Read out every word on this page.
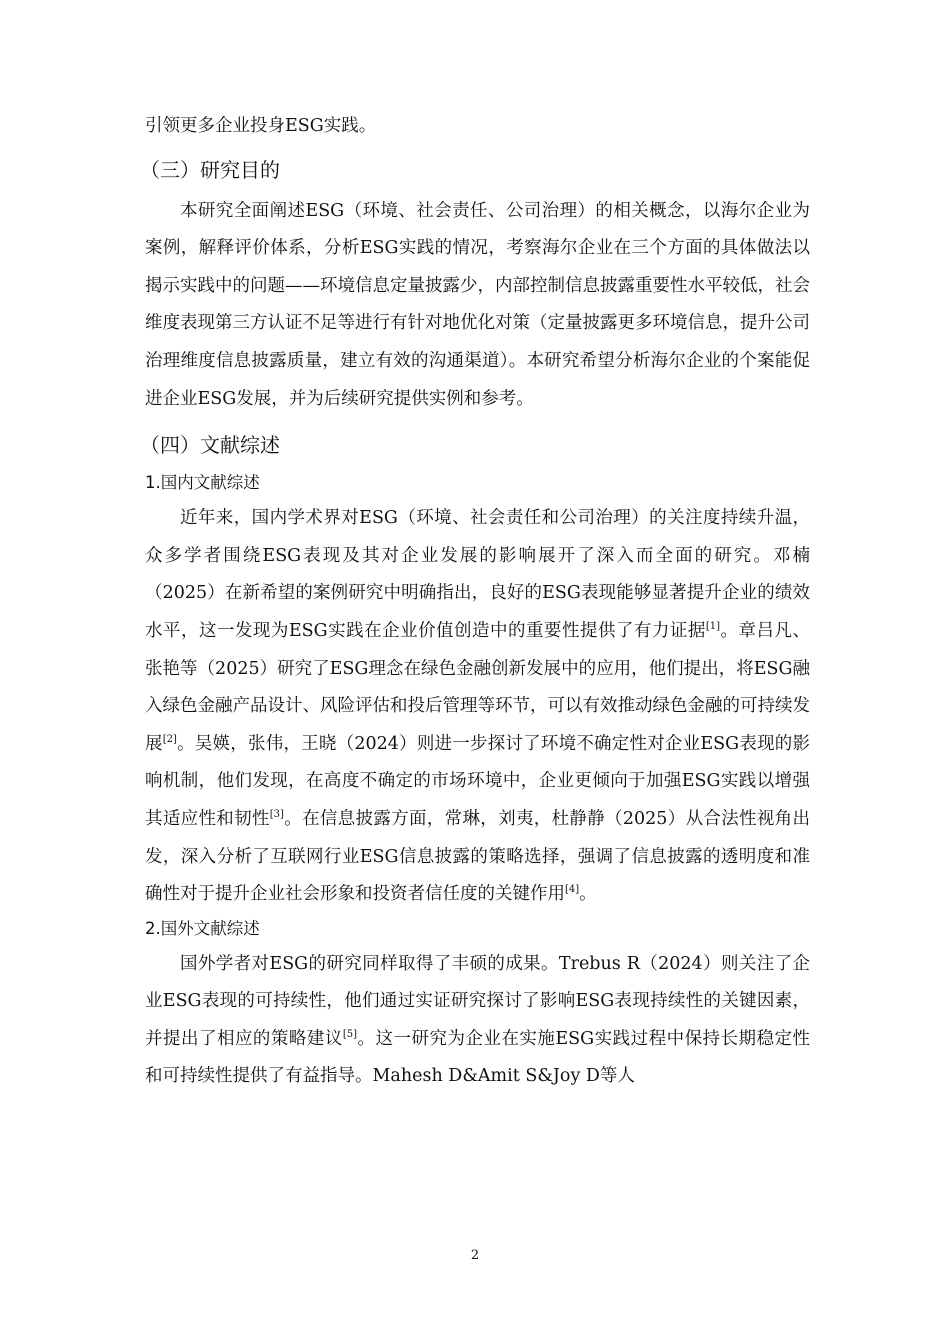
引领更多企业投身ESG实践。

（三）研究目的

本研究全面阐述ESG（环境、社会责任、公司治理）的相关概念，以海尔企业为案例，解释评价体系，分析ESG实践的情况，考察海尔企业在三个方面的具体做法以揭示实践中的问题——环境信息定量披露少，内部控制信息披露重要性水平较低，社会维度表现第三方认证不足等进行有针对地优化对策（定量披露更多环境信息，提升公司治理维度信息披露质量，建立有效的沟通渠道）。本研究希望分析海尔企业的个案能促进企业ESG发展，并为后续研究提供实例和参考。

（四）文献综述
1.国内文献综述

近年来，国内学术界对ESG（环境、社会责任和公司治理）的关注度持续升温，众多学者围绕ESG表现及其对企业发展的影响展开了深入而全面的研究。邓楠（2025）在新希望的案例研究中明确指出，良好的ESG表现能够显著提升企业的绩效水平，这一发现为ESG实践在企业价值创造中的重要性提供了有力证据[1]。章吕凡、张艳等（2025）研究了ESG理念在绿色金融创新发展中的应用，他们提出，将ESG融入绿色金融产品设计、风险评估和投后管理等环节，可以有效推动绿色金融的可持续发展[2]。吴媖，张伟，王晓（2024）则进一步探讨了环境不确定性对企业ESG表现的影响机制，他们发现，在高度不确定的市场环境中，企业更倾向于加强ESG实践以增强其适应性和韧性[3]。在信息披露方面，常琳，刘夷，杜静静（2025）从合法性视角出发，深入分析了互联网行业ESG信息披露的策略选择，强调了信息披露的透明度和准确性对于提升企业社会形象和投资者信任度的关键作用[4]。

2.国外文献综述

国外学者对ESG的研究同样取得了丰硕的成果。Trebus R（2024）则关注了企业ESG表现的可持续性，他们通过实证研究探讨了影响ESG表现持续性的关键因素，并提出了相应的策略建议[5]。这一研究为企业在实施ESG实践过程中保持长期稳定性和可持续性提供了有益指导。Mahesh D&Amit S&Joy D等人

2
